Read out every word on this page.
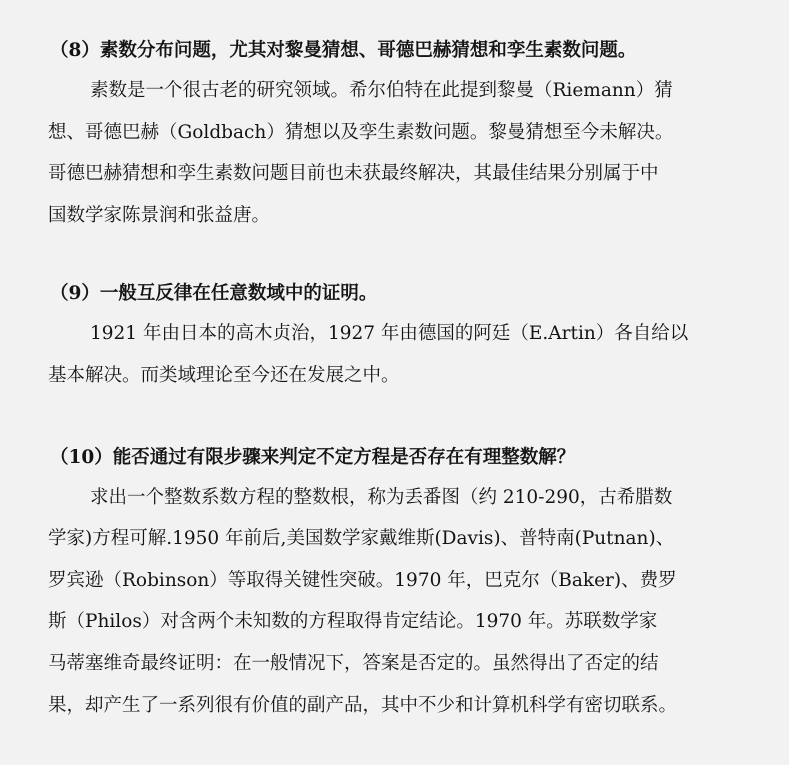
（8）素数分布问题，尤其对黎曼猜想、哥德巴赫猜想和孪生素数问题。
素数是一个很古老的研究领域。希尔伯特在此提到黎曼（Riemann）猜
想、哥德巴赫（Goldbach）猜想以及孪生素数问题。黎曼猜想至今未解决。
哥德巴赫猜想和孪生素数问题目前也未获最终解决，其最佳结果分别属于中
国数学家陈景润和张益唐。
（9）一般互反律在任意数域中的证明。
1921 年由日本的高木贞治，1927 年由德国的阿廷（E.Artin）各自给以
基本解决。而类域理论至今还在发展之中。
（10）能否通过有限步骤来判定不定方程是否存在有理整数解？
求出一个整数系数方程的整数根，称为丢番图（约 210-290，古希腊数
学家)方程可解.1950 年前后,美国数学家戴维斯(Davis)、普特南(Putnan)、
罗宾逊（Robinson）等取得关键性突破。1970 年，巴克尔（Baker)、费罗
斯（Philos）对含两个未知数的方程取得肯定结论。1970 年。苏联数学家
马蒂塞维奇最终证明：在一般情况下，答案是否定的。虽然得出了否定的结
果，却产生了一系列很有价值的副产品，其中不少和计算机科学有密切联系。
